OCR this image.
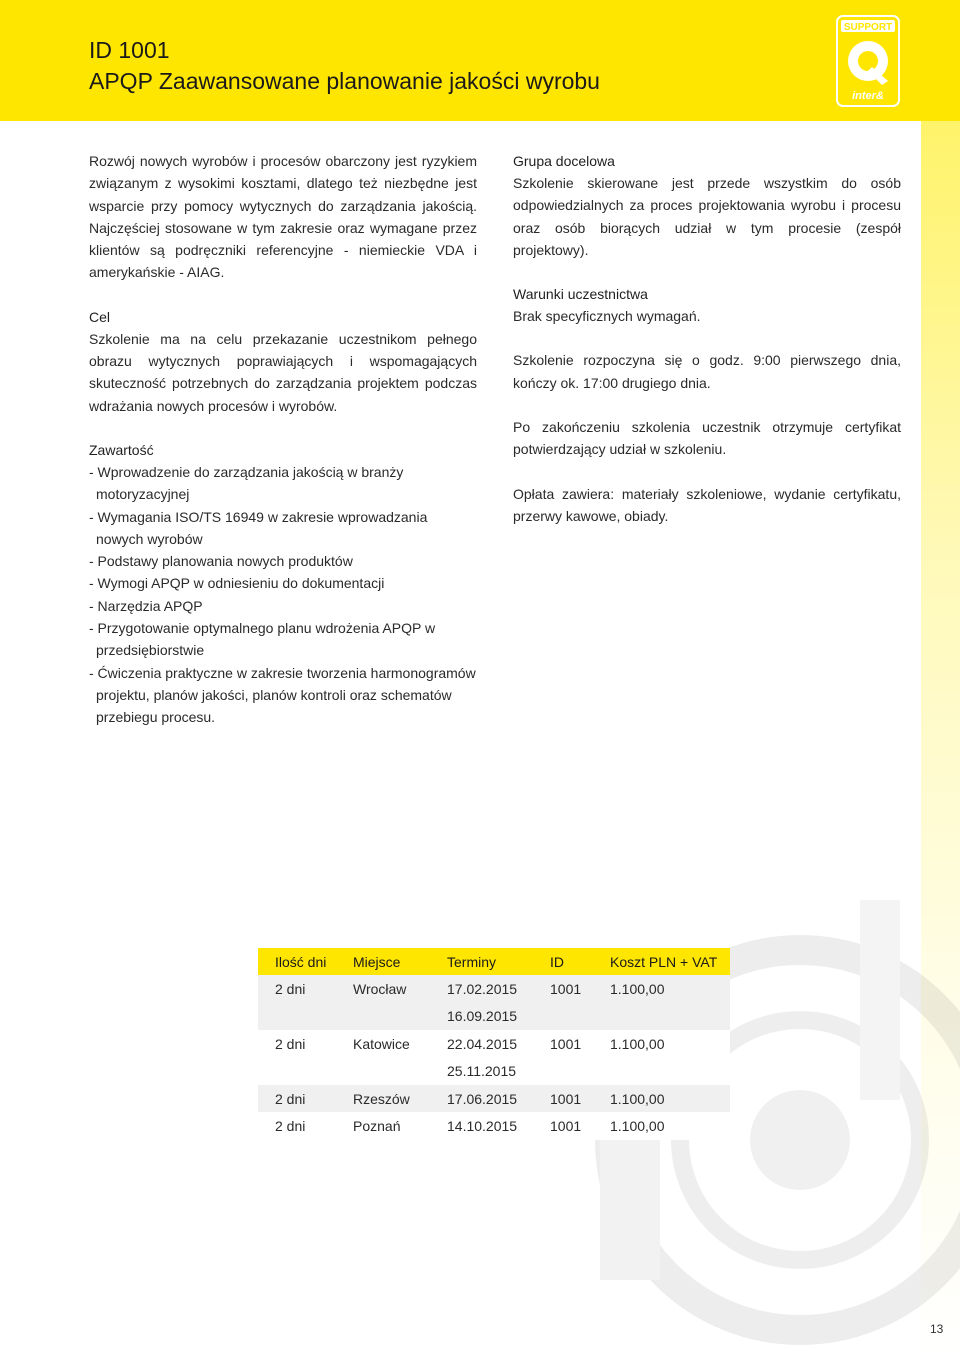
ID 1001
APQP Zaawansowane planowanie jakości wyrobu
SUPPORT
inter&

Rozwój nowych wyrobów i procesów obarczony jest ryzykiem związanym z wysokimi kosztami, dlatego też niezbędne jest wsparcie przy pomocy wytycznych do zarządzania jakością. Najczęściej stosowane w tym zakresie oraz wymagane przez klientów są podręczniki referencyjne - niemieckie VDA i amerykańskie - AIAG.

Cel

Szkolenie ma na celu przekazanie uczestnikom pełnego obrazu wytycznych poprawiających i wspomagających skuteczność potrzebnych do zarządzania projektem podczas wdrażania nowych procesów i wyrobów.

Zawartość
- Wprowadzenie do zarządzania jakością w branży motoryzacyjnej
- Wymagania ISO/TS 16949 w zakresie wprowadzania nowych wyrobów
- Podstawy planowania nowych produktów
- Wymogi APQP w odniesieniu do dokumentacji
- Narzędzia APQP
- Przygotowanie optymalnego planu wdrożenia APQP w przedsiębiorstwie
- Ćwiczenia praktyczne w zakresie tworzenia harmonogramów projektu, planów jakości, planów kontroli oraz schematów przebiegu procesu.
Grupa docelowa

Szkolenie skierowane jest przede wszystkim do osób odpowiedzialnych za proces projektowania wyrobu i procesu oraz osób biorących udział w tym procesie (zespół projektowy).

Warunki uczestnictwa

Brak specyficznych wymagań.

Szkolenie rozpoczyna się o godz. 9:00 pierwszego dnia, kończy ok. 17:00 drugiego dnia.

Po zakończeniu szkolenia uczestnik otrzymuje certyfikat potwierdzający udział w szkoleniu.

Opłata zawiera: materiały szkoleniowe, wydanie certyfikatu, przerwy kawowe, obiady.

Ilość dni	Miejsce	Terminy	ID	Koszt PLN + VAT
2 dni	Wrocław	17.02.2015	1001	1.100,00
		16.09.2015		
2 dni	Katowice	22.04.2015	1001	1.100,00
		25.11.2015		
2 dni	Rzeszów	17.06.2015	1001	1.100,00
2 dni	Poznań	14.10.2015	1001	1.100,00
13
